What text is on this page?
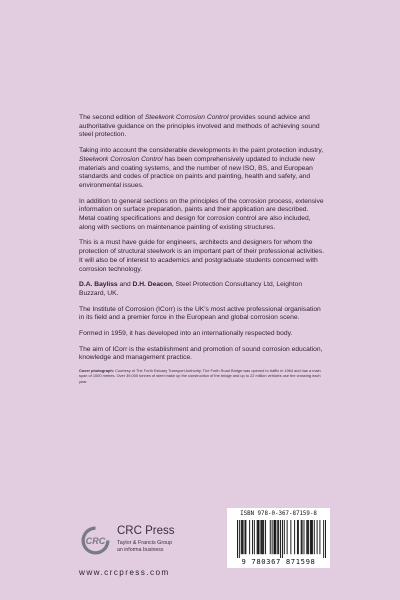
The second edition of Steelwork Corrosion Control provides sound advice and authoritative guidance on the principles involved and methods of achieving sound steel protection.

Taking into account the considerable developments in the paint protection industry, Steelwork Corrosion Control has been comprehensively updated to include new materials and coating systems, and the number of new ISO, BS, and European standards and codes of practice on paints and painting, health and safety, and environmental issues.

In addition to general sections on the principles of the corrosion process, extensive information on surface preparation, paints and their application are described. Metal coating specifications and design for corrosion control are also included, along with sections on maintenance painting of existing structures.

This is a must have guide for engineers, architects and designers for whom the protection of structural steelwork is an important part of their professional activities. It will also be of interest to academics and postgraduate students concerned with corrosion technology.

D.A. Bayliss and D.H. Deacon, Steel Protection Consultancy Ltd, Leighton Buzzard, UK.

The Institute of Corrosion (ICorr) is the UK's most active professional organisation in its field and a premier force in the European and global corrosion scene.

Formed in 1959, it has developed into an internationally respected body.

The aim of ICorr is the establishment and promotion of sound corrosion education, knowledge and management practice.

Cover photograph: Courtesy of The Forth Estuary Transport Authority. The Forth Road Bridge was opened to traffic in 1964 and has a main span of 1000 metres. Over 39,000 tonnes of steel make up the construction of the bridge and up to 22 million vehicles use the crossing each year.

CRC
CRC Press
Taylor & Francis Group
an informa business
www.crcpress.com
ISBN 978-0-367-87159-8
9 780367 871598
